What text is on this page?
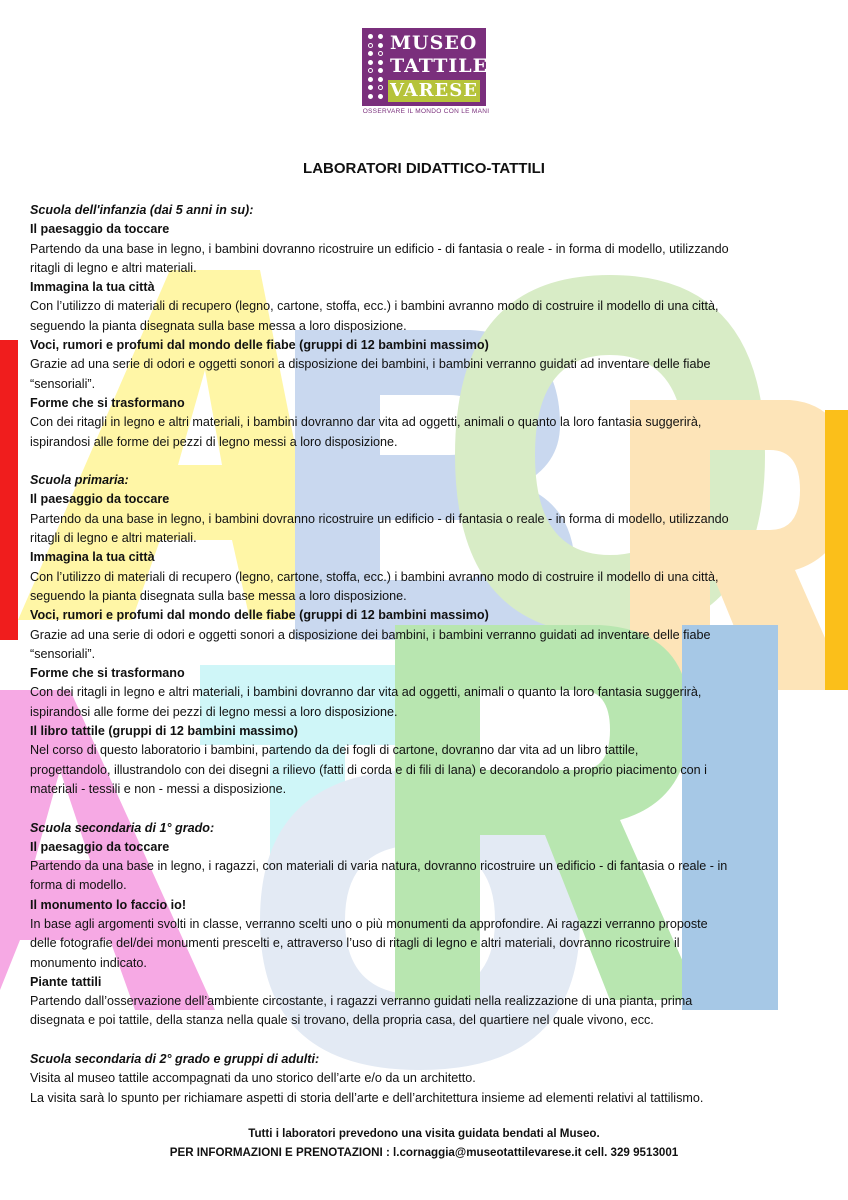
MUSEO
TATTILE
VARESE
OSSERVARE IL MONDO CON LE MANI
LABORATORI DIDATTICO-TATTILI

Scuola dell'infanzia (dai 5 anni in su):

Il paesaggio da toccare

Partendo da una base in legno, i bambini dovranno ricostruire un edificio - di fantasia o reale - in forma di modello, utilizzando

ritagli di legno e altri materiali.

Immagina la tua città

Con l’utilizzo di materiali di recupero (legno, cartone, stoffa, ecc.) i bambini avranno modo di costruire il modello di una città,

seguendo la pianta disegnata sulla base messa a loro disposizione.

Voci, rumori e profumi dal mondo delle fiabe (gruppi di 12 bambini massimo)

Grazie ad una serie di odori e oggetti sonori a disposizione dei bambini, i bambini verranno guidati ad inventare delle fiabe

“sensoriali”.

Forme che si trasformano

Con dei ritagli in legno e altri materiali, i bambini dovranno dar vita ad oggetti, animali o quanto la loro fantasia suggerirà,

ispirandosi alle forme dei pezzi di legno messi a loro disposizione.

Scuola primaria:

Il paesaggio da toccare

Partendo da una base in legno, i bambini dovranno ricostruire un edificio - di fantasia o reale - in forma di modello, utilizzando

ritagli di legno e altri materiali.

Immagina la tua città

Con l’utilizzo di materiali di recupero (legno, cartone, stoffa, ecc.) i bambini avranno modo di costruire il modello di una città,

seguendo la pianta disegnata sulla base messa a loro disposizione.

Voci, rumori e profumi dal mondo delle fiabe (gruppi di 12 bambini massimo)

Grazie ad una serie di odori e oggetti sonori a disposizione dei bambini, i bambini verranno guidati ad inventare delle fiabe

“sensoriali”.

Forme che si trasformano

Con dei ritagli in legno e altri materiali, i bambini dovranno dar vita ad oggetti, animali o quanto la loro fantasia suggerirà,

ispirandosi alle forme dei pezzi di legno messi a loro disposizione.

Il libro tattile (gruppi di 12 bambini massimo)

Nel corso di questo laboratorio i bambini, partendo da dei fogli di cartone, dovranno dar vita ad un libro tattile,

progettandolo, illustrandolo con dei disegni a rilievo (fatti di corda e di fili di lana) e decorandolo a proprio piacimento con i

materiali - tessili e non - messi a disposizione.

Scuola secondaria di 1° grado:

Il paesaggio da toccare

Partendo da una base in legno, i ragazzi, con materiali di varia natura, dovranno ricostruire un edificio - di fantasia o reale - in

forma di modello.

Il monumento lo faccio io!

In base agli argomenti svolti in classe, verranno scelti uno o più monumenti da approfondire. Ai ragazzi verranno proposte

delle fotografie del/dei monumenti prescelti e, attraverso l’uso di ritagli di legno e altri materiali, dovranno ricostruire il

monumento indicato.

Piante tattili

Partendo dall’osservazione dell’ambiente circostante, i ragazzi verranno guidati nella realizzazione di una pianta, prima

disegnata e poi tattile, della stanza nella quale si trovano, della propria casa, del quartiere nel quale vivono, ecc.

Scuola secondaria di 2° grado e gruppi di adulti:

Visita al museo tattile accompagnati da uno storico dell’arte e/o da un architetto.

La visita sarà lo spunto per richiamare aspetti di storia dell’arte e dell’architettura insieme ad elementi relativi al tattilismo.

Tutti i laboratori prevedono una visita guidata bendati al Museo.
PER INFORMAZIONI E PRENOTAZIONI : l.cornaggia@museotattilevarese.it cell. 329 9513001
